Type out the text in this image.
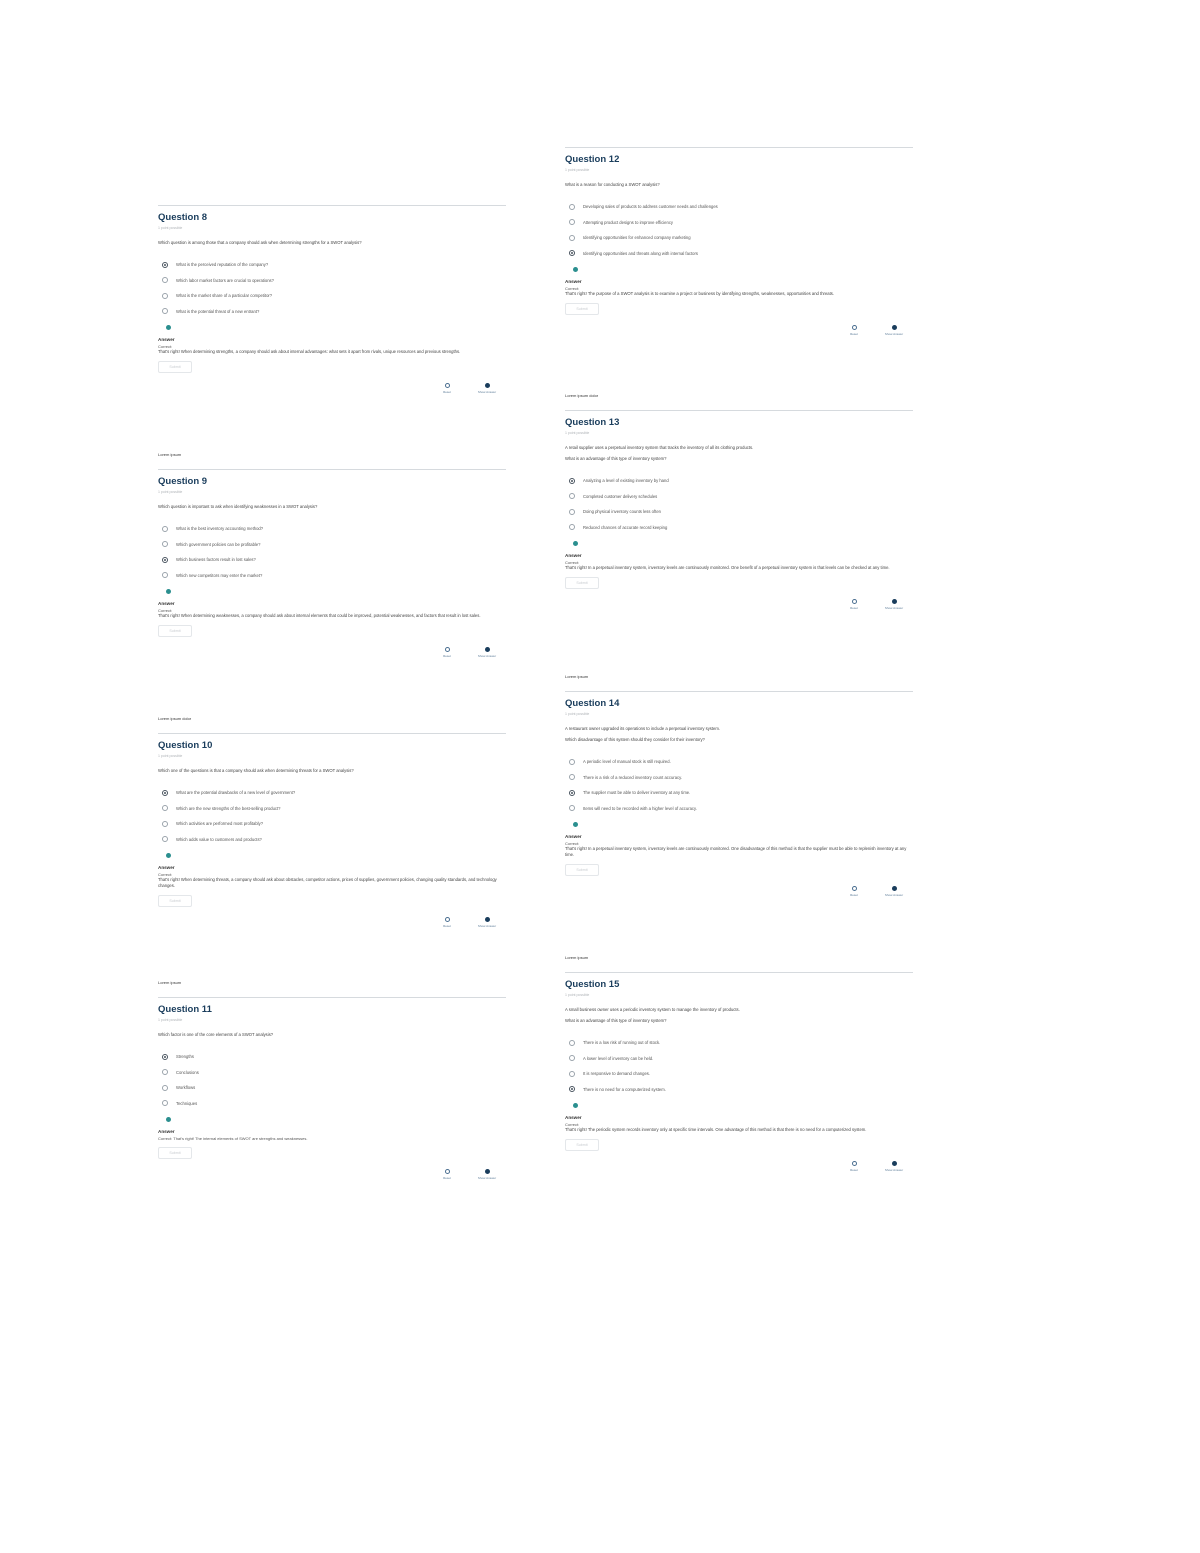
Question 8
1 point possible
Which question is among those that a company should ask when determining strengths for a SWOT analysis?
What is the perceived reputation of the company?
Which labor market factors are crucial to operations?
What is the market share of a particular competitor?
What is the potential threat of a new entrant?
Answer
Correct:
That's right! When determining strengths, a company should ask about internal advantages: what sets it apart from rivals, unique resources and previous strengths.
Submit
Reset	Show Answer
Lorem ipsum
Question 9
1 point possible
Which question is important to ask when identifying weaknesses in a SWOT analysis?
What is the best inventory accounting method?
Which government policies can be profitable?
Which business factors result in lost sales?
Which new competitors may enter the market?
Answer
Correct:
That's right! When determining weaknesses, a company should ask about internal elements that could be improved, potential weaknesses, and factors that result in lost sales.
Submit
Reset	Show Answer
Lorem ipsum dolor
Question 10
1 point possible
Which one of the questions is that a company should ask when determining threats for a SWOT analysis?
What are the potential drawbacks of a new level of government?
Which are the new strengths of the best-selling product?
Which activities are performed most profitably?
Which adds value to customers and products?
Answer
Correct:
That's right! When determining threats, a company should ask about obstacles, competitor actions, prices of supplies, government policies, changing quality standards, and technology changes.
Submit
Reset	Show Answer
Lorem ipsum
Question 11
1 point possible
Which factor is one of the core elements of a SWOT analysis?
Strengths
Conclusions
Workflows
Techniques
Answer
Correct: That's right! The internal elements of SWOT are strengths and weaknesses.
Submit
Reset	Show Answer
Question 12
1 point possible
What is a reason for conducting a SWOT analysis?
Developing sales of products to address customer needs and challenges
Attempting product designs to improve efficiency
Identifying opportunities for enhanced company marketing
Identifying opportunities and threats along with internal factors
Answer
Correct:
That's right! The purpose of a SWOT analysis is to examine a project or business by identifying strengths, weaknesses, opportunities and threats.
Submit
Reset	Show Answer
Lorem ipsum dolor
Question 13
1 point possible
A retail supplier uses a perpetual inventory system that tracks the inventory of all its clothing products.
What is an advantage of this type of inventory system?
Analyzing a level of existing inventory by hand
Completed customer delivery schedules
Doing physical inventory counts less often
Reduced chances of accurate record keeping
Answer
Correct:
That's right! In a perpetual inventory system, inventory levels are continuously monitored. One benefit of a perpetual inventory system is that levels can be checked at any time.
Submit
Reset	Show Answer
Lorem ipsum
Question 14
1 point possible
A restaurant owner upgraded its operations to include a perpetual inventory system.
Which disadvantage of this system should they consider for their inventory?
A periodic level of manual stock is still required.
There is a risk of a reduced inventory count accuracy.
The supplier must be able to deliver inventory at any time.
Items will need to be recorded with a higher level of accuracy.
Answer
Correct:
That's right! In a perpetual inventory system, inventory levels are continuously monitored. One disadvantage of this method is that the supplier must be able to replenish inventory at any time.
Submit
Reset	Show Answer
Lorem ipsum
Question 15
1 point possible
A small business owner uses a periodic inventory system to manage the inventory of products.
What is an advantage of this type of inventory system?
There is a low risk of running out of stock.
A lower level of inventory can be held.
It is responsive to demand changes.
There is no need for a computerized system.
Answer
Correct:
That's right! The periodic system records inventory only at specific time intervals. One advantage of this method is that there is no need for a computerized system.
Submit
Reset	Show Answer
